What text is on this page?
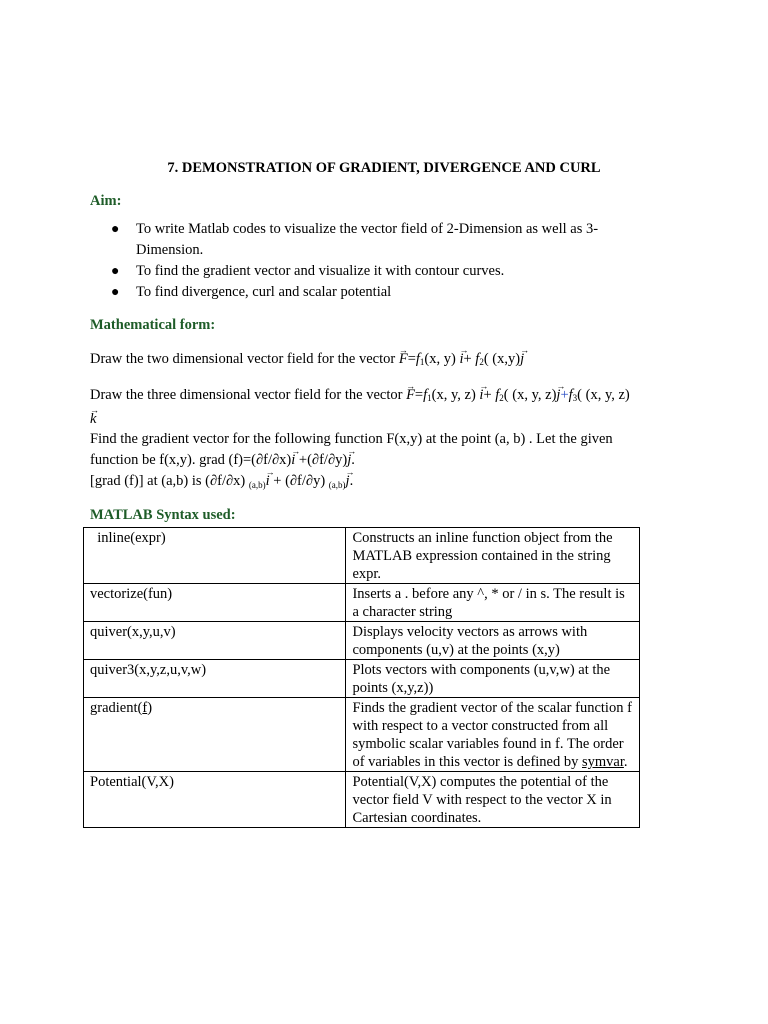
7. DEMONSTRATION OF GRADIENT, DIVERGENCE AND CURL
Aim:
● To write Matlab codes to visualize the vector field of 2-Dimension as well as 3-Dimension.
● To find the gradient vector and visualize it with contour curves.
● To find divergence, curl and scalar potential
Mathematical form:
Draw the two dimensional vector field for the vector → $F=f_1(x$, $y) \to i+ f_2$( (x,y)→ j
Draw the three dimensional vector field for the vector → $F=f_1(x$, y, $z) \to i+ f_2$( (x, y, $z)\to j+f_3$( (x, y, z)
→ k
Find the gradient vector for the following function F(x,y) at the point (a, b) . Let the given
function be f(x,y). grad (f)=(∂f/∂x)→ i +(∂f/∂y)→ j.
[grad (f)] at (a,b) is (∂f/∂x) $_{(a,b)}$→ i + (∂f/∂y) $_{(a,b)}$→ j.
MATLAB Syntax used:
inline(expr)	Constructs an inline function object from the MATLAB expression contained in the string expr.
vectorize(fun)	Inserts a . before any ^, * or / in s. The result is a character string
quiver(x,y,u,v)	Displays velocity vectors as arrows with components (u,v) at the points (x,y)
quiver3(x,y,z,u,v,w)	Plots vectors with components (u,v,w) at the points (x,y,z))
gradient(f)	Finds the gradient vector of the scalar function f with respect to a vector constructed from all symbolic scalar variables found in f. The order of variables in this vector is defined by symvar.
Potential(V,X)	Potential(V,X) computes the potential of the vector field V with respect to the vector X in Cartesian coordinates.
